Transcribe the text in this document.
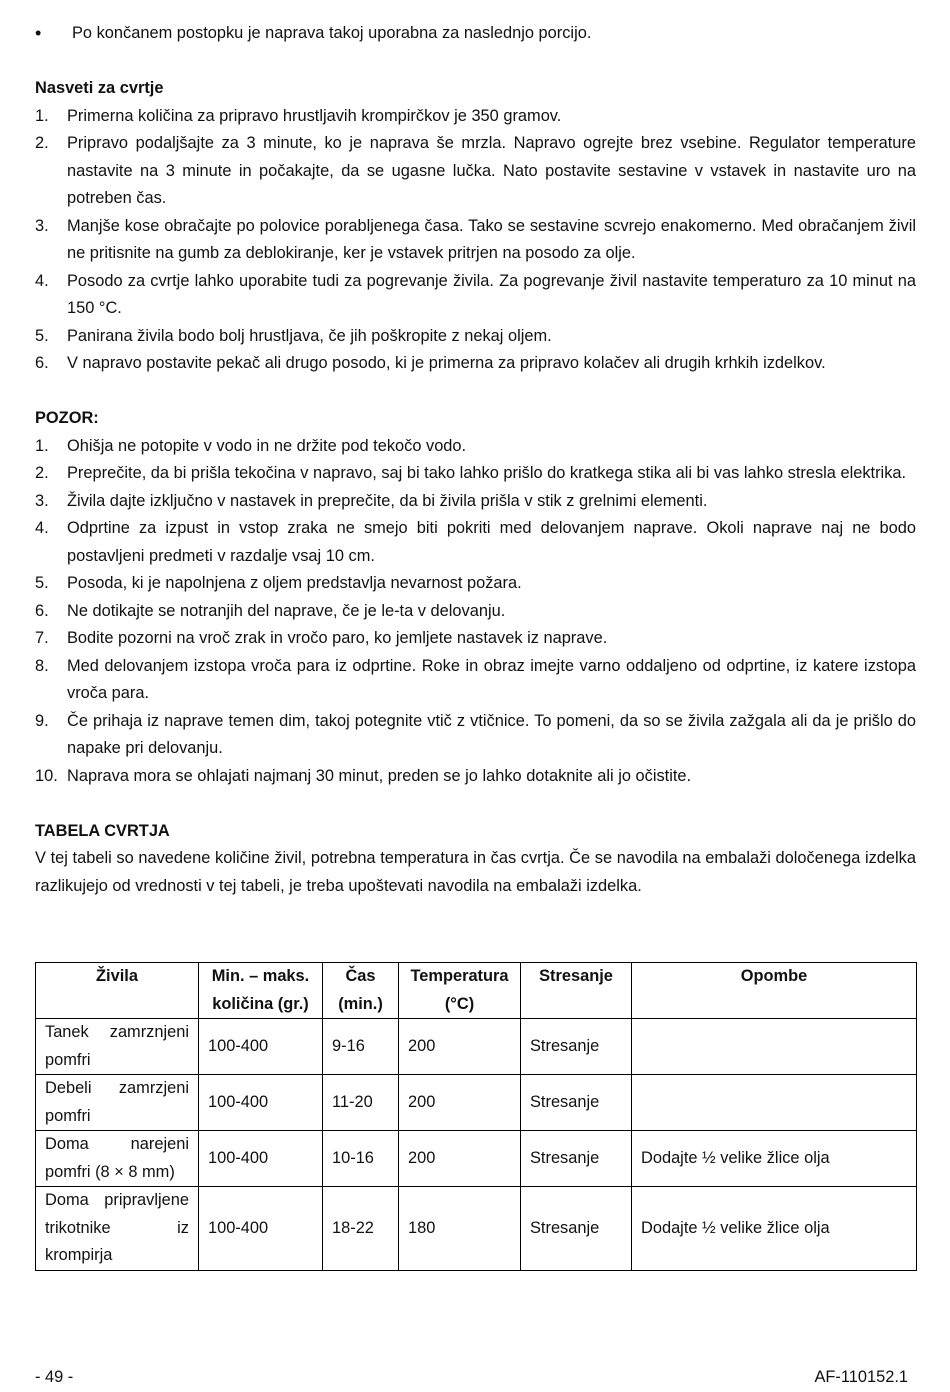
•
Po končanem postopku je naprava takoj uporabna za naslednjo porcijo.
Nasveti za cvrtje
1. Primerna količina za pripravo hrustljavih krompirčkov je 350 gramov.
2. Pripravo podaljšajte za 3 minute, ko je naprava še mrzla. Napravo ogrejte brez vsebine. Regulator temperature nastavite na 3 minute in počakajte, da se ugasne lučka. Nato postavite sestavine v vstavek in nastavite uro na potreben čas.
3. Manjše kose obračajte po polovice porabljenega časa. Tako se sestavine scvrejo enakomerno. Med obračanjem živil ne pritisnite na gumb za deblokiranje, ker je vstavek pritrjen na posodo za olje.
4. Posodo za cvrtje lahko uporabite tudi za pogrevanje živila. Za pogrevanje živil nastavite temperaturo za 10 minut na    150 °C.
5. Panirana živila bodo bolj hrustljava, če jih poškropite z nekaj oljem.
6. V napravo postavite pekač ali drugo posodo, ki je primerna za pripravo kolačev ali drugih krhkih izdelkov.
POZOR:
1. Ohišja ne potopite v vodo in ne držite pod tekočo vodo.
2. Preprečite, da bi prišla tekočina v napravo, saj bi tako lahko prišlo do kratkega stika ali bi vas lahko stresla elektrika.
3. Živila dajte izključno v nastavek in preprečite, da bi živila prišla v stik z grelnimi elementi.
4. Odprtine za izpust in vstop zraka ne smejo biti pokriti med delovanjem naprave. Okoli naprave naj ne bodo postavljeni predmeti v razdalje vsaj 10 cm.
5. Posoda, ki je napolnjena z oljem predstavlja nevarnost požara.
6. Ne dotikajte se notranjih del naprave, če je le-ta v delovanju.
7. Bodite pozorni na vroč zrak in vročo paro, ko jemljete nastavek iz naprave.
8. Med delovanjem izstopa vroča para iz odprtine. Roke in obraz imejte varno oddaljeno od odprtine, iz katere izstopa vroča para.
9. Če prihaja iz naprave temen dim, takoj potegnite vtič z vtičnice. To pomeni, da so se živila zažgala ali da je prišlo do napake pri delovanju.
10. Naprava mora se ohlajati najmanj 30 minut, preden se jo lahko dotaknite ali jo očistite.
TABELA CVRTJA
V tej tabeli so navedene količine živil, potrebna temperatura in čas cvrtja. Če se navodila na embalaži določenega izdelka razlikujejo od vrednosti v tej tabeli, je treba upoštevati navodila na embalaži izdelka.
Živila	Min. – maks. količina (gr.)	Čas (min.)	Temperatura (°C)	Stresanje	Opombe
Tanek zamrznjeni pomfri	100-400	9-16	200	Stresanje	
Debeli zamrzjeni pomfri	100-400	11-20	200	Stresanje	
Doma narejeni pomfri (8 × 8 mm)	100-400	10-16	200	Stresanje	Dodajte ½ velike žlice olja
Doma pripravljene trikotnike iz krompirja	100-400	18-22	180	Stresanje	Dodajte ½ velike žlice olja
- 49 -	AF-110152.1
